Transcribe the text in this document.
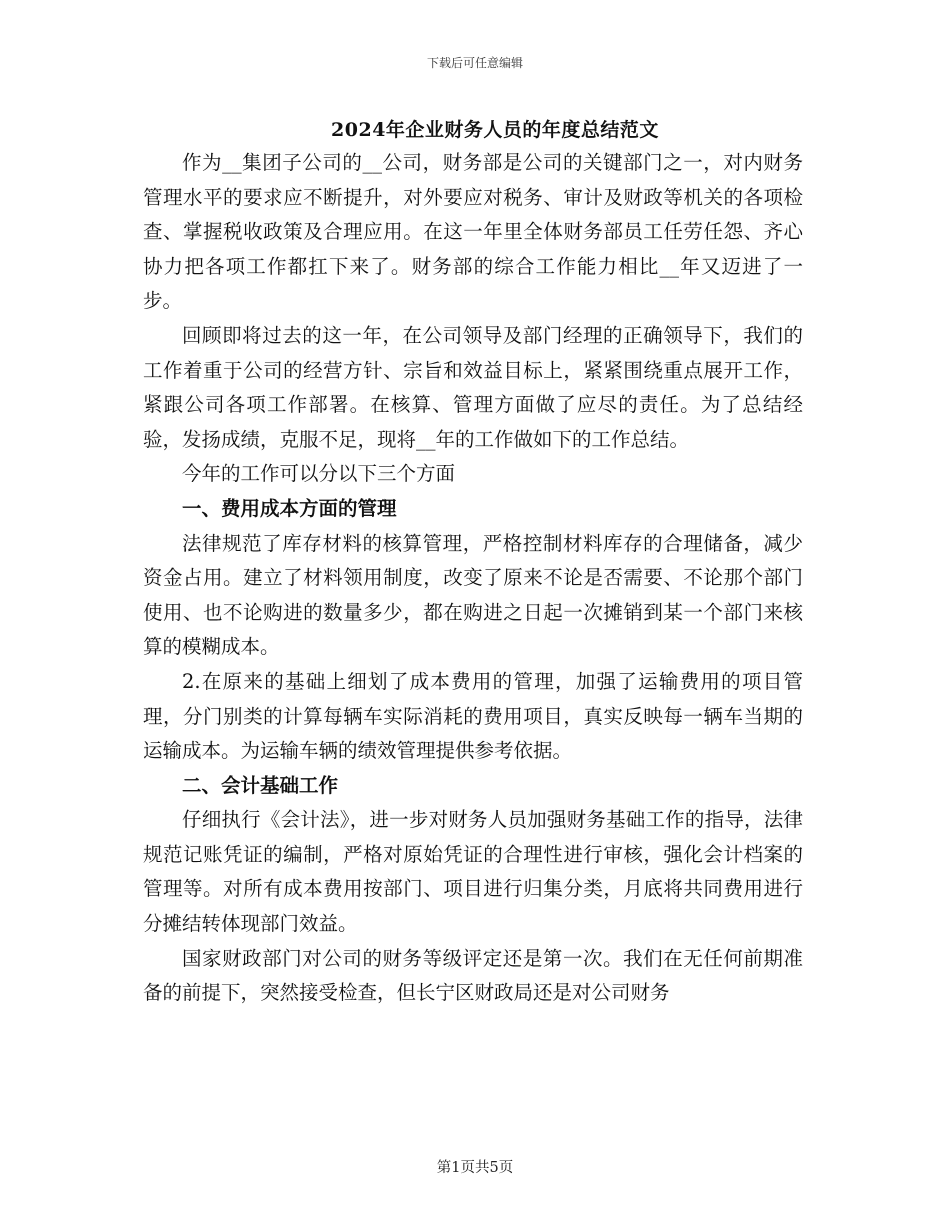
下载后可任意编辑
2024年企业财务人员的年度总结范文

作为__集团子公司的__公司，财务部是公司的关键部门之一，对内财务管理水平的要求应不断提升，对外要应对税务、审计及财政等机关的各项检查、掌握税收政策及合理应用。在这一年里全体财务部员工任劳任怨、齐心协力把各项工作都扛下来了。财务部的综合工作能力相比__年又迈进了一步。

回顾即将过去的这一年，在公司领导及部门经理的正确领导下，我们的工作着重于公司的经营方针、宗旨和效益目标上，紧紧围绕重点展开工作，紧跟公司各项工作部署。在核算、管理方面做了应尽的责任。为了总结经验，发扬成绩，克服不足，现将__年的工作做如下的工作总结。

今年的工作可以分以下三个方面

一、费用成本方面的管理

法律规范了库存材料的核算管理，严格控制材料库存的合理储备，减少资金占用。建立了材料领用制度，改变了原来不论是否需要、不论那个部门使用、也不论购进的数量多少，都在购进之日起一次摊销到某一个部门来核算的模糊成本。

2.在原来的基础上细划了成本费用的管理，加强了运输费用的项目管理，分门别类的计算每辆车实际消耗的费用项目，真实反映每一辆车当期的运输成本。为运输车辆的绩效管理提供参考依据。

二、会计基础工作

仔细执行《会计法》，进一步对财务人员加强财务基础工作的指导，法律规范记账凭证的编制，严格对原始凭证的合理性进行审核，强化会计档案的管理等。对所有成本费用按部门、项目进行归集分类，月底将共同费用进行分摊结转体现部门效益。

国家财政部门对公司的财务等级评定还是第一次。我们在无任何前期准备的前提下，突然接受检查，但长宁区财政局还是对公司财务

第1页共5页
